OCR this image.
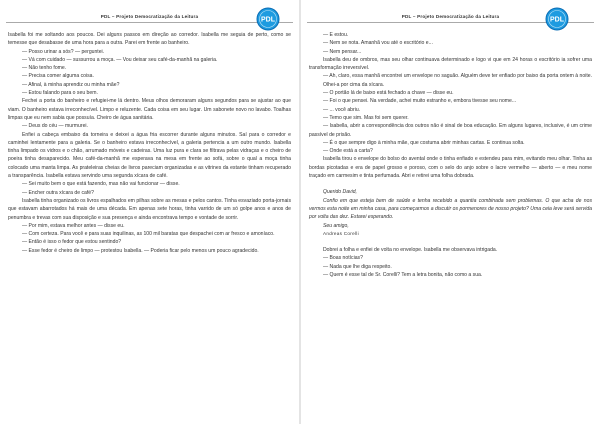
PDL – Projeto Democratização da Leitura
PDL

Isabella foi me soltando aos poucos. Dei alguns passos em direção ao corredor. Isabella me seguia de perto, como se temesse que desabasse de uma hora para a outra. Parei em frente ao banheiro.

— Posso urinar a sós? — perguntei.

— Vá com cuidado — sussurrou a moça. — Vou deixar seu café-da-manhã na galeria.

— Não tenho fome.

— Precisa comer alguma coisa.

— Afinal, à minha aprendiz ou minha mãe?

— Estou falando para o seu bem.

Fechei a porta do banheiro e refugiei-me lá dentro. Meus olhos demoraram alguns segundos para se ajustar ao que viam. O banheiro estava irreconhecível. Limpo e reluzente. Cada coisa em seu lugar. Um sabonete novo no lavabo. Toalhas limpas que eu nem sabia que possuía. Cheiro de água sanitária.

— Deus do céu — murmurei.

Enfiei a cabeça embaixo da torneira e deixei a água fria escorrer durante alguns minutos. Saí para o corredor e caminhei lentamente para a galeria. Se o banheiro estava irreconhecível, a galeria pertencia a um outro mundo. Isabella tinha limpado os vidros e o chão, arrumado móveis e cadeiras. Uma luz pura e clara se filtrava pelas vidraças e o cheiro de poeira tinha desaparecido. Meu café-da-manhã me esperava na mesa em frente ao sofá, sobre o qual a moça tinha colocado uma manta limpa. As prateleiras cheias de livros pareciam organizadas e as vitrines da estante tinham recuperado a transparência. Isabella estava servindo uma segunda xícara de café.

— Sei muito bem o que está fazendo, mas não vai funcionar — disse.

— Encher outra xícara de café?

Isabella tinha organizado os livros espalhados em pilhas sobre as mesas e pelos cantos. Tinha esvaziado porta-jornais que estavam abarrotados há mais de uma década. Em apenas sete horas, tinha varrido de um só golpe anos e anos de penumbra e trevas com sua disposição e sua presença e ainda encontrava tempo e vontade de sorrir.

— Por mim, estava melhor antes — disse eu.

— Com certeza. Para você e para suas inquilinas, as 100 mil baratas que despachei com ar fresco e amoníaco.

— Então é isso o fedor que estou sentindo?

— Esse fedor é cheiro de limpo — protestou Isabella. — Poderia ficar pelo menos um pouco agradecido.

PDL – Projeto Democratização da Leitura
PDL

— E estou.

— Nem se nota. Amanhã vou até o escritório e...

— Nem pensar...

Isabella deu de ombros, mas seu olhar continuava determinado e logo vi que em 24 horas o escritório ia sofrer uma transformação irreversível.

— Ah, claro, essa manhã encontrei um envelope no saguão. Alguém deve ter enfiado por baixo da porta ontem à noite.

Olhei-a por cima da xícara.

— O portão lá de baixo está fechado a chave — disse eu.

— Foi o que pensei. Na verdade, achei muito estranho e, embora tivesse seu nome...

— ... você abriu.

— Temo que sim. Mas foi sem querer.

— Isabella, abrir a correspondência dos outros não é sinal de boa educação. Em alguns lugares, inclusive, é um crime passível de prisão.

— É o que sempre digo à minha mãe, que costuma abrir minhas cartas. E continua solta.

— Onde está a carta?

Isabella tirou o envelope do bolso do avental onde o tinha enfiado e estendeu para mim, evitando meu olhar. Tinha as bordas picotadas e era de papel grosso e poroso, com o selo do anjo sobre o lacre vermelho — aberto — e meu nome traçado em carmesim e tinta perfumada. Abri e retirei uma folha dobrada.

Querido David,

Confio em que esteja bem de saúde e tenha recebido a quantia combinada sem problemas. O que acha de nos vermos esta noite em minha casa, para começarmos a discutir os pormenores de nosso projeto? Uma ceia leve será servida por volta das dez. Estarei esperando.

Seu amigo,

Andreas Corelli

Dobrei a folha e enfiei de volta no envelope. Isabella me observava intrigada.

— Boas notícias?

— Nada que lhe diga respeito.

— Quem é esse tal de Sr. Corelli? Tem a letra bonita, não como a sua.
